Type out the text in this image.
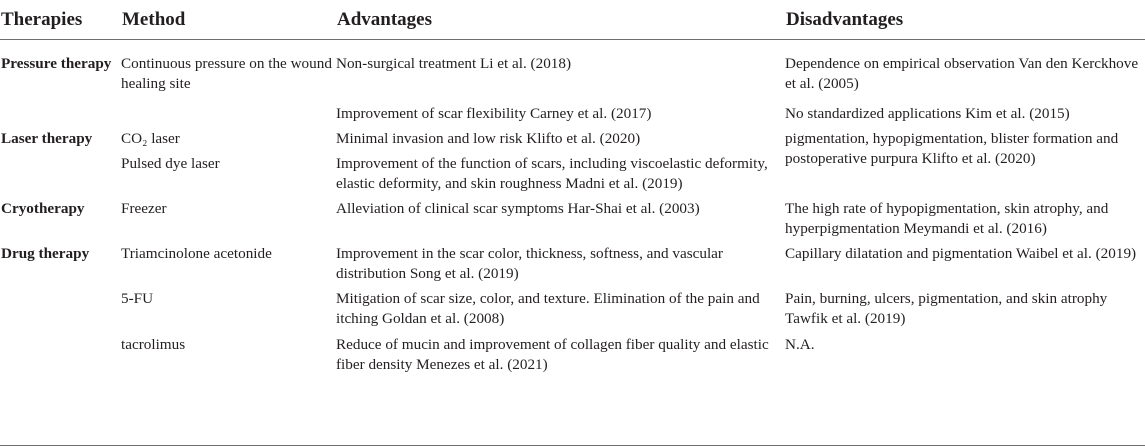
Therapies	Method	Advantages	Disadvantages
Pressure therapy	Continuous pressure on the wound healing site	Non-surgical treatment Li et al. (2018)	Dependence on empirical observation Van den Kerckhove et al. (2005)
		Improvement of scar flexibility Carney et al. (2017)	No standardized applications Kim et al. (2015)
Laser therapy	CO₂ laser	Minimal invasion and low risk Klifto et al. (2020)	pigmentation, hypopigmentation, blister formation and postoperative purpura Klifto et al. (2020)
	Pulsed dye laser	Improvement of the function of scars, including viscoelastic deformity, elastic deformity, and skin roughness Madni et al. (2019)	
Cryotherapy	Freezer	Alleviation of clinical scar symptoms Har-Shai et al. (2003)	The high rate of hypopigmentation, skin atrophy, and hyperpigmentation Meymandi et al. (2016)
Drug therapy	Triamcinolone acetonide	Improvement in the scar color, thickness, softness, and vascular distribution Song et al. (2019)	Capillary dilatation and pigmentation Waibel et al. (2019)
	5-FU	Mitigation of scar size, color, and texture. Elimination of the pain and itching Goldan et al. (2008)	Pain, burning, ulcers, pigmentation, and skin atrophy Tawfik et al. (2019)
	tacrolimus	Reduce of mucin and improvement of collagen fiber quality and elastic fiber density Menezes et al. (2021)	N.A.
